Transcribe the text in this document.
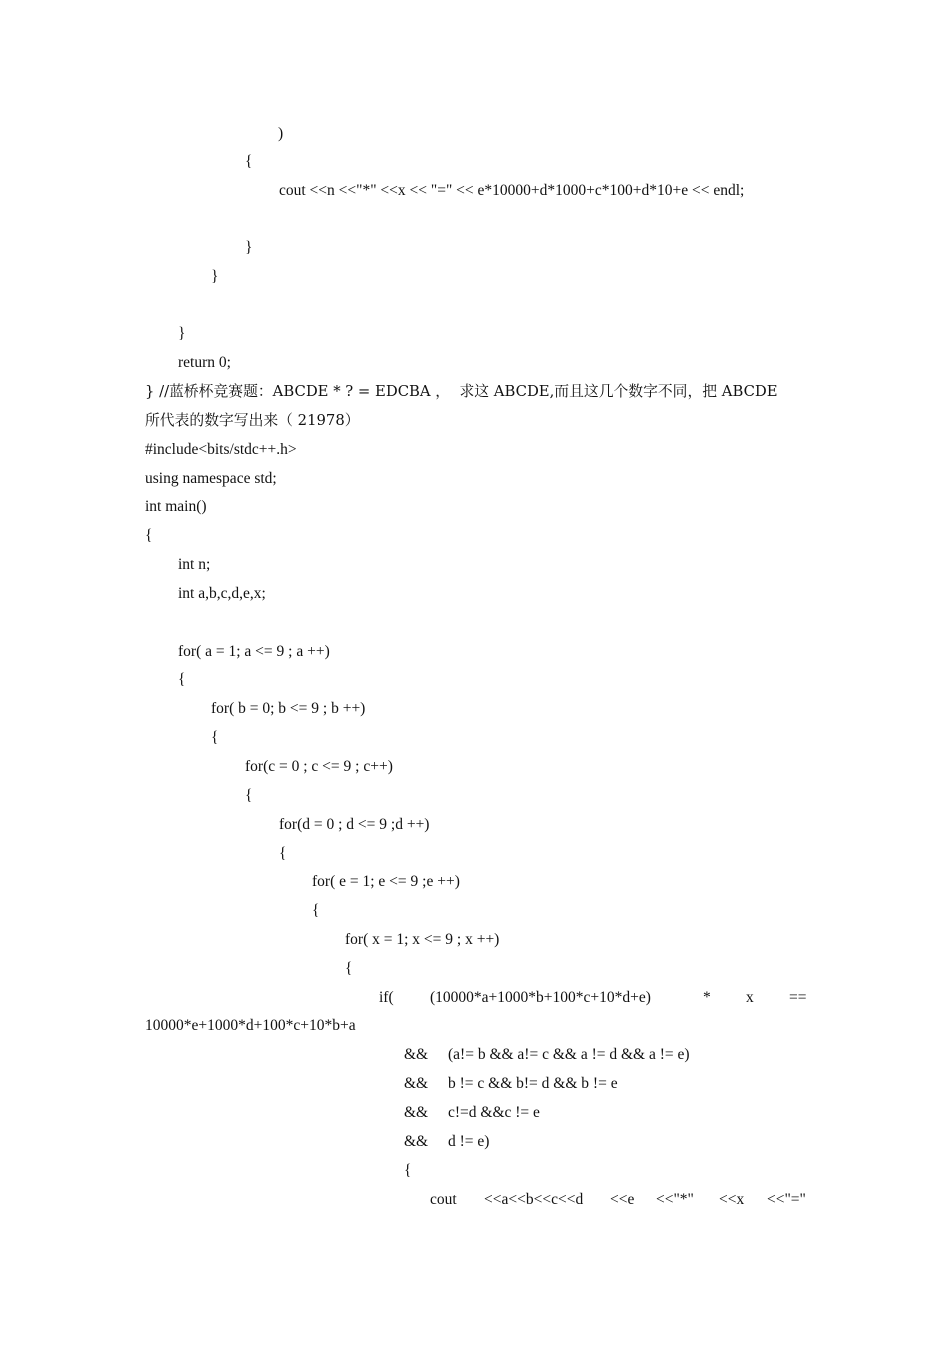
)
{
cout <<n <<"*" <<x << "=" << e*10000+d*1000+c*100+d*10+e << endl;
}
}
}
return 0;
} //蓝桥杯竞赛题：ABCDE * ? = EDCBA ，  求这 ABCDE,而且这几个数字不同，把 ABCDE
所代表的数字写出来（ 21978）
#include<bits/stdc++.h>
using namespace std;
int main()
{
int n;
int a,b,c,d,e,x;
for( a = 1; a <= 9 ; a ++)
{
for( b = 0; b <= 9 ; b ++)
{
for(c = 0 ; c <= 9 ; c++)
{
for(d = 0 ; d <= 9 ;d ++)
{
for( e = 1; e <= 9 ;e ++)
{
for( x = 1; x <= 9 ; x ++)
{
if( (10000*a+1000*b+100*c+10*d+e)	* x ==
10000*e+1000*d+100*c+10*b+a
&& (a!= b && a!= c && a != d && a != e)
&& b != c && b!= d && b != e
&& c!=d &&c != e
&& d != e)
{
cout <<a<<b<<c<<d <<e <<"*" <<x <<"="
